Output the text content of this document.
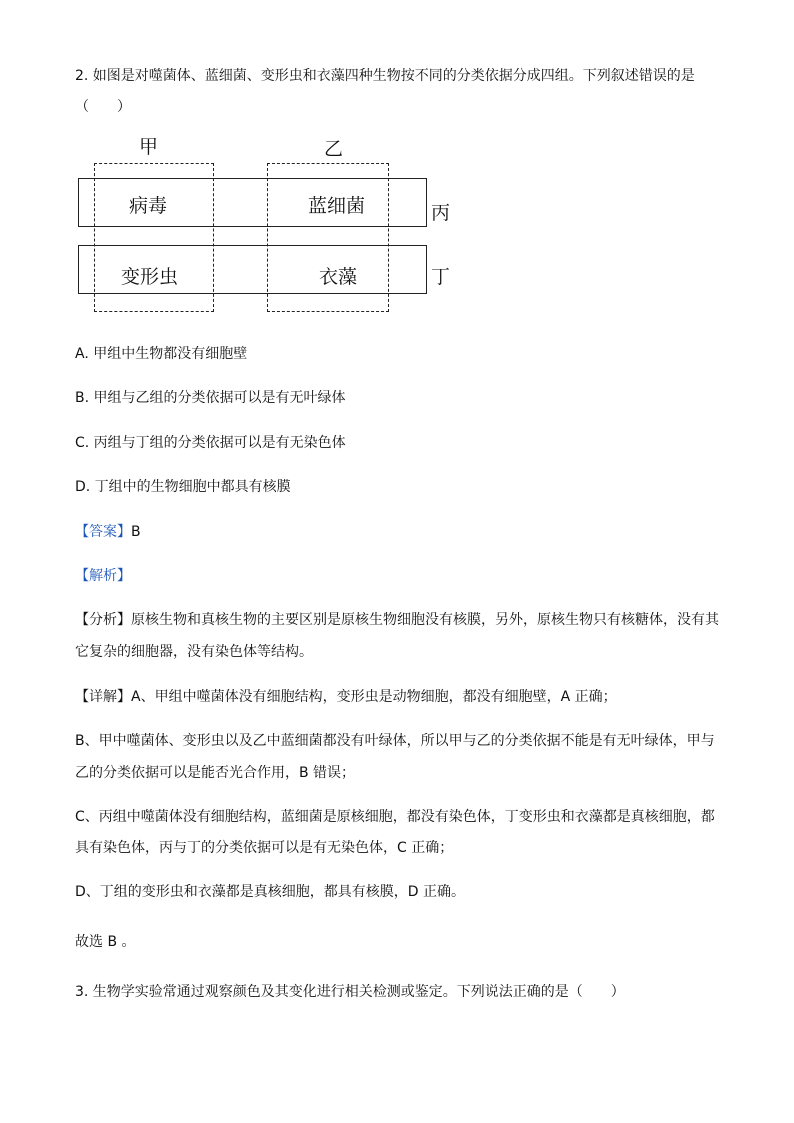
2. 如图是对噬菌体、蓝细菌、变形虫和衣藻四种生物按不同的分类依据分成四组。下列叙述错误的是
（　　）
甲	乙
丙
丁
病毒	蓝细菌
变形虫	衣藻
A. 甲组中生物都没有细胞壁
B. 甲组与乙组的分类依据可以是有无叶绿体
C. 丙组与丁组的分类依据可以是有无染色体
D. 丁组中的生物细胞中都具有核膜
【答案】B
【解析】
【分析】原核生物和真核生物的主要区别是原核生物细胞没有核膜，另外，原核生物只有核糖体，没有其
它复杂的细胞器，没有染色体等结构。
【详解】A、甲组中噬菌体没有细胞结构，变形虫是动物细胞，都没有细胞壁，A 正确；
B、甲中噬菌体、变形虫以及乙中蓝细菌都没有叶绿体，所以甲与乙的分类依据不能是有无叶绿体，甲与
乙的分类依据可以是能否光合作用，B 错误；
C、丙组中噬菌体没有细胞结构，蓝细菌是原核细胞，都没有染色体，丁变形虫和衣藻都是真核细胞，都
具有染色体，丙与丁的分类依据可以是有无染色体，C 正确；
D、丁组的变形虫和衣藻都是真核细胞，都具有核膜，D 正确。
故选 B 。
3. 生物学实验常通过观察颜色及其变化进行相关检测或鉴定。下列说法正确的是（　　）
